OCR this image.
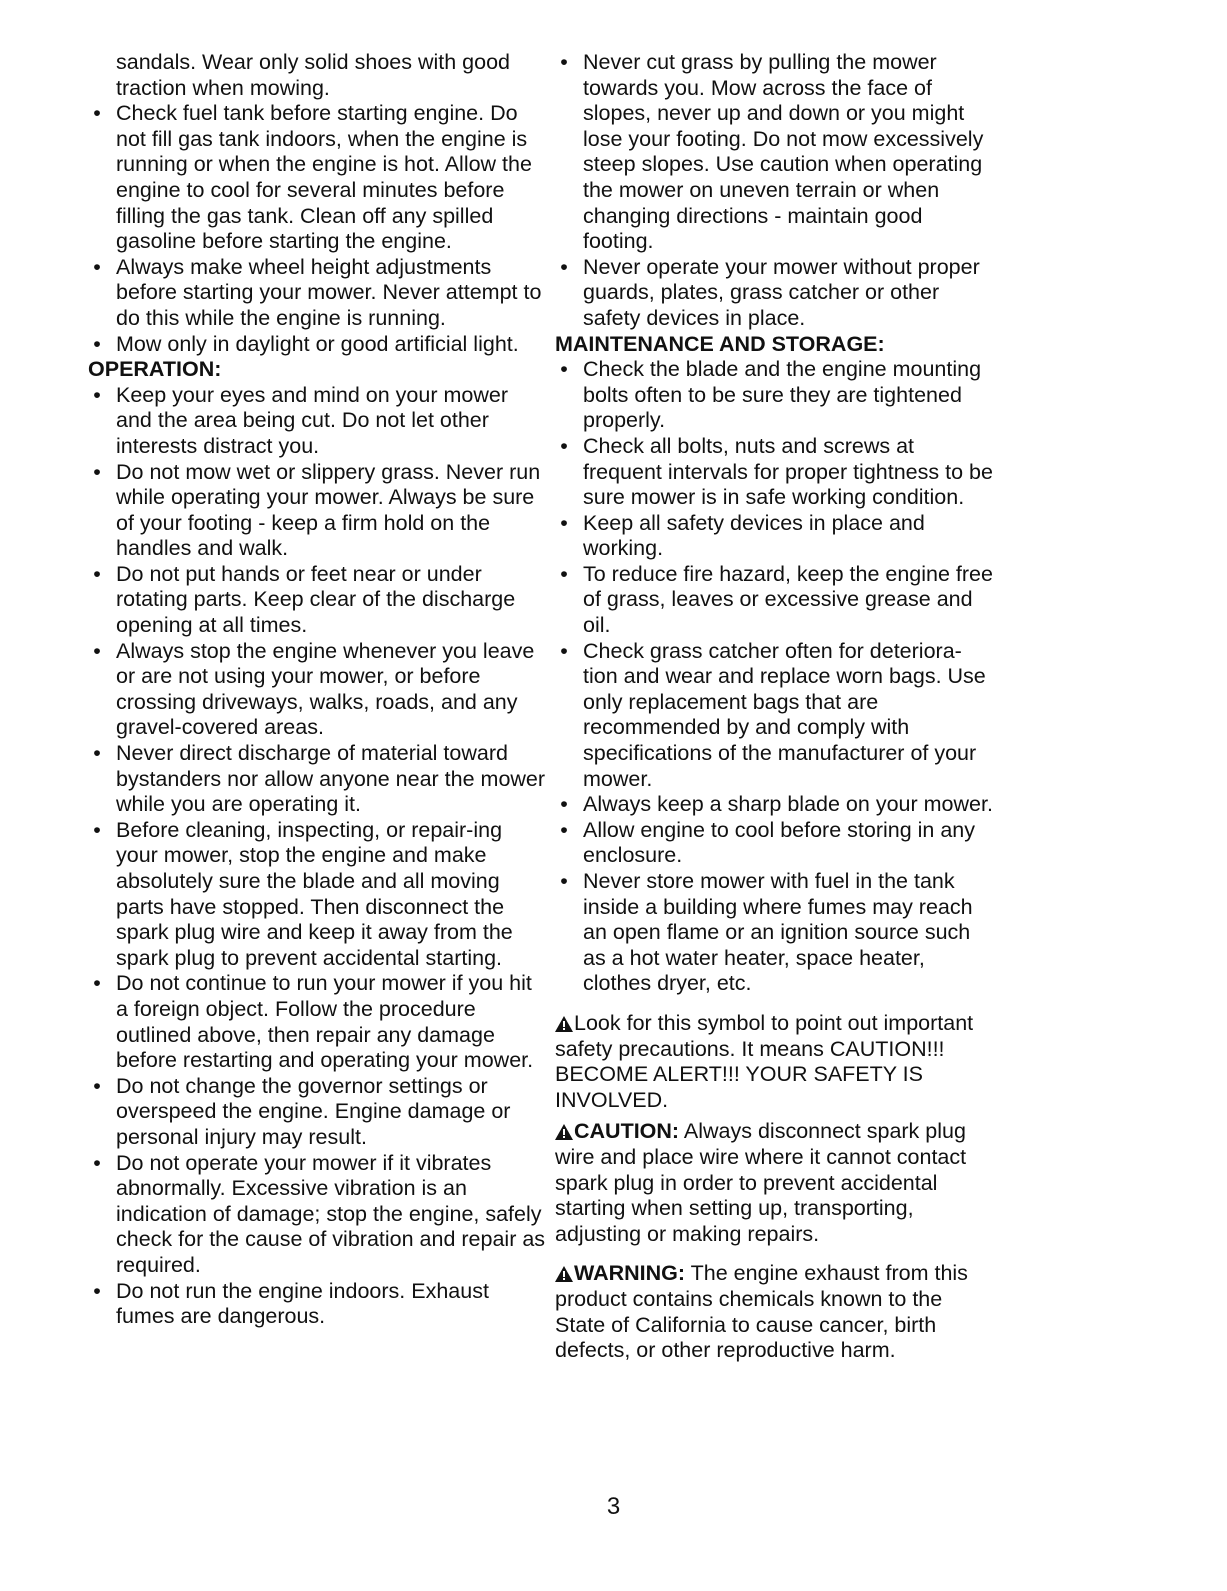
sandals. Wear only solid shoes with good traction when mowing.

• Check fuel tank before starting engine. Do not fill gas tank indoors, when the engine is running or when the engine is hot. Allow the engine to cool for several minutes before filling the gas tank. Clean off any spilled gasoline before starting the engine.
• Always make wheel height adjustments before starting your mower. Never attempt to do this while the engine is running.
• Mow only in daylight or good artificial light.

OPERATION:

• Keep your eyes and mind on your mower and the area being cut. Do not let other interests distract you.
• Do not mow wet or slippery grass. Never run while operating your mower. Always be sure of your footing - keep a firm hold on the handles and walk.
• Do not put hands or feet near or under rotating parts. Keep clear of the discharge opening at all times.
• Always stop the engine whenever you leave or are not using your mower, or before crossing driveways, walks, roads, and any gravel-covered areas.
• Never direct discharge of material toward bystanders nor allow anyone near the mower while you are operating it.
• Before cleaning, inspecting, or repair-ing your mower, stop the engine and make absolutely sure the blade and all moving parts have stopped. Then disconnect the spark plug wire and keep it away from the spark plug to prevent accidental starting.
• Do not continue to run your mower if you hit a foreign object. Follow the procedure outlined above, then repair any damage before restarting and operating your mower.
• Do not change the governor settings or overspeed the engine. Engine damage or personal injury may result.
• Do not operate your mower if it vibrates abnormally. Excessive vibration is an indication of damage; stop the engine, safely check for the cause of vibration and repair as required.
• Do not run the engine indoors. Exhaust fumes are dangerous.
• Never cut grass by pulling the mower towards you. Mow across the face of slopes, never up and down or you might lose your footing. Do not mow excessively steep slopes. Use caution when operating the mower on uneven terrain or when changing directions - maintain good footing.
• Never operate your mower without proper guards, plates, grass catcher or other safety devices in place.

MAINTENANCE AND STORAGE:

• Check the blade and the engine mounting bolts often to be sure they are tightened properly.
• Check all bolts, nuts and screws at frequent intervals for proper tightness to be sure mower is in safe working condition.
• Keep all safety devices in place and working.
• To reduce fire hazard, keep the engine free of grass, leaves or excessive grease and oil.
• Check grass catcher often for deteriora-tion and wear and replace worn bags. Use only replacement bags that are recommended by and comply with specifications of the manufacturer of your mower.
• Always keep a sharp blade on your mower.
• Allow engine to cool before storing in any enclosure.
• Never store mower with fuel in the tank inside a building where fumes may reach an open flame or an ignition source such as a hot water heater, space heater, clothes dryer, etc.

Look for this symbol to point out important safety precautions. It means CAUTION!!! BECOME ALERT!!! YOUR SAFETY IS INVOLVED.

CAUTION: Always disconnect spark plug wire and place wire where it cannot contact spark plug in order to prevent accidental starting when setting up, transporting, adjusting or making repairs.

WARNING: The engine exhaust from this product contains chemicals known to the State of California to cause cancer, birth defects, or other reproductive harm.

3
